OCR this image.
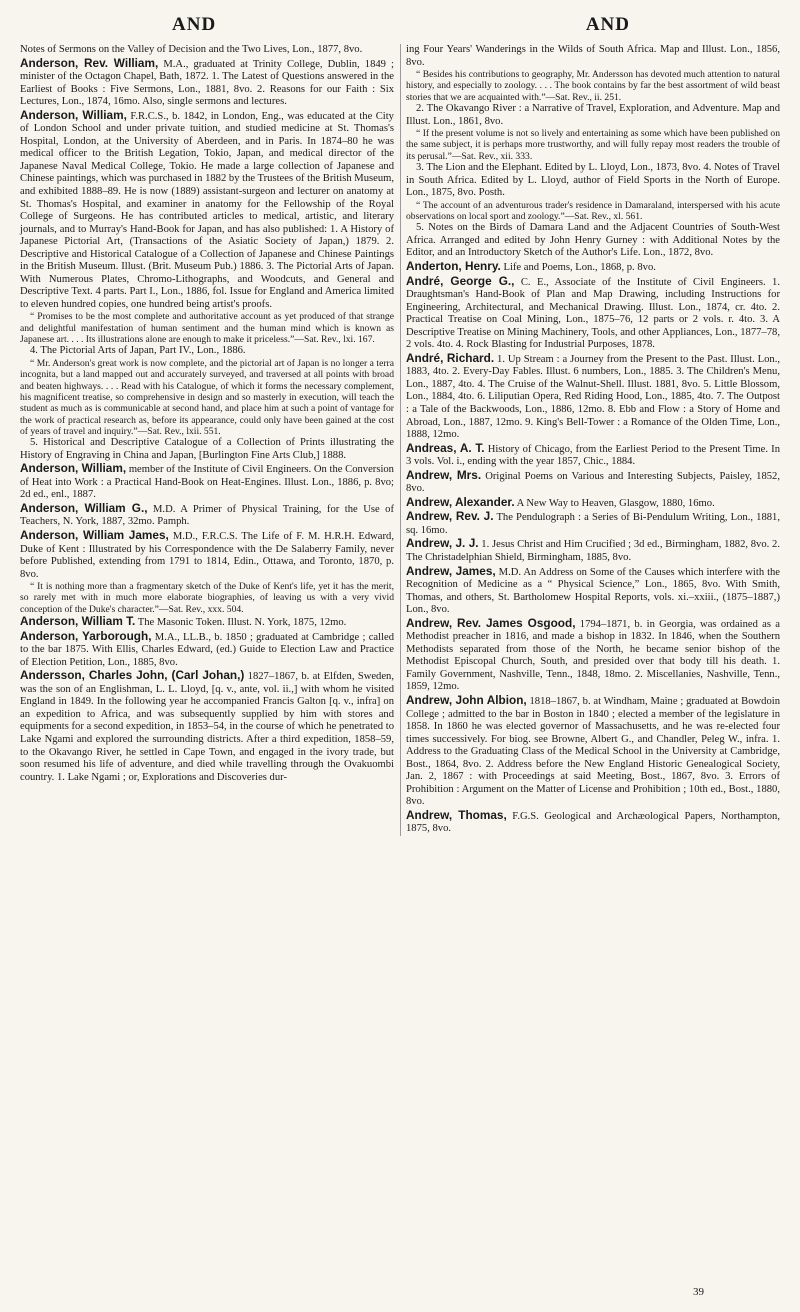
AND	AND

Notes of Sermons on the Valley of Decision and the Two Lives, Lon., 1877, 8vo.

Anderson, Rev. William, M.A., graduated at Trinity College, Dublin, 1849 ; minister of the Octagon Chapel, Bath, 1872. 1. The Latest of Questions answered in the Earliest of Books : Five Sermons, Lon., 1881, 8vo. 2. Reasons for our Faith : Six Lectures, Lon., 1874, 16mo. Also, single sermons and lectures.

Anderson, William, F.R.C.S., b. 1842, in London, Eng., was educated at the City of London School and under private tuition, and studied medicine at St. Thomas's Hospital, London, at the University of Aberdeen, and in Paris. In 1874–80 he was medical officer to the British Legation, Tokio, Japan, and medical director of the Japanese Naval Medical College, Tokio. He made a large collection of Japanese and Chinese paintings, which was purchased in 1882 by the Trustees of the British Museum, and exhibited 1888–89. He is now (1889) assistant-surgeon and lecturer on anatomy at St. Thomas's Hospital, and examiner in anatomy for the Fellowship of the Royal College of Surgeons. He has contributed articles to medical, artistic, and literary journals, and to Murray's Hand-Book for Japan, and has also published: 1. A History of Japanese Pictorial Art, (Transactions of the Asiatic Society of Japan,) 1879. 2. Descriptive and Historical Catalogue of a Collection of Japanese and Chinese Paintings in the British Museum. Illust. (Brit. Museum Pub.) 1886. 3. The Pictorial Arts of Japan. With Numerous Plates, Chromo-Lithographs, and Woodcuts, and General and Descriptive Text. 4 parts. Part I., Lon., 1886, fol. Issue for England and America limited to eleven hundred copies, one hundred being artist's proofs.

“ Promises to be the most complete and authoritative account as yet produced of that strange and delightful manifestation of human sentiment and the human mind which is known as Japanese art. . . . Its illustrations alone are enough to make it priceless.”—Sat. Rev., lxi. 167.

4. The Pictorial Arts of Japan, Part IV., Lon., 1886.

“ Mr. Anderson's great work is now complete, and the pictorial art of Japan is no longer a terra incognita, but a land mapped out and accurately surveyed, and traversed at all points with broad and beaten highways. . . . Read with his Catalogue, of which it forms the necessary complement, his magnificent treatise, so comprehensive in design and so masterly in execution, will teach the student as much as is communicable at second hand, and place him at such a point of vantage for the work of practical research as, before its appearance, could only have been gained at the cost of years of travel and inquiry.”—Sat. Rev., lxii. 551.

5. Historical and Descriptive Catalogue of a Collection of Prints illustrating the History of Engraving in China and Japan, [Burlington Fine Arts Club,] 1888.

Anderson, William, member of the Institute of Civil Engineers. On the Conversion of Heat into Work : a Practical Hand-Book on Heat-Engines. Illust. Lon., 1886, p. 8vo; 2d ed., enl., 1887.

Anderson, William G., M.D. A Primer of Physical Training, for the Use of Teachers, N. York, 1887, 32mo. Pamph.

Anderson, William James, M.D., F.R.C.S. The Life of F. M. H.R.H. Edward, Duke of Kent : Illustrated by his Correspondence with the De Salaberry Family, never before Published, extending from 1791 to 1814, Edin., Ottawa, and Toronto, 1870, p. 8vo.

“ It is nothing more than a fragmentary sketch of the Duke of Kent's life, yet it has the merit, so rarely met with in much more elaborate biographies, of leaving us with a very vivid conception of the Duke's character.”—Sat. Rev., xxx. 504.

Anderson, William T. The Masonic Token. Illust. N. York, 1875, 12mo.

Anderson, Yarborough, M.A., LL.B., b. 1850 ; graduated at Cambridge ; called to the bar 1875. With Ellis, Charles Edward, (ed.) Guide to Election Law and Practice of Election Petition, Lon., 1885, 8vo.

Andersson, Charles John, (Carl Johan,) 1827–1867, b. at Elfden, Sweden, was the son of an Englishman, L. L. Lloyd, [q. v., ante, vol. ii.,] with whom he visited England in 1849. In the following year he accompanied Francis Galton [q. v., infra] on an expedition to Africa, and was subsequently supplied by him with stores and equipments for a second expedition, in 1853–54, in the course of which he penetrated to Lake Ngami and explored the surrounding districts. After a third expedition, 1858–59, to the Okavango River, he settled in Cape Town, and engaged in the ivory trade, but soon resumed his life of adventure, and died while travelling through the Ovakuombi country. 1. Lake Ngami ; or, Explorations and Discoveries dur-

ing Four Years' Wanderings in the Wilds of South Africa. Map and Illust. Lon., 1856, 8vo.

“ Besides his contributions to geography, Mr. Andersson has devoted much attention to natural history, and especially to zoology. . . . The book contains by far the best assortment of wild beast stories that we are acquainted with.”—Sat. Rev., ii. 251.

2. The Okavango River : a Narrative of Travel, Exploration, and Adventure. Map and Illust. Lon., 1861, 8vo.

“ If the present volume is not so lively and entertaining as some which have been published on the same subject, it is perhaps more trustworthy, and will fully repay most readers the trouble of its perusal.”—Sat. Rev., xii. 333.

3. The Lion and the Elephant. Edited by L. Lloyd, Lon., 1873, 8vo. 4. Notes of Travel in South Africa. Edited by L. Lloyd, author of Field Sports in the North of Europe. Lon., 1875, 8vo. Posth.

“ The account of an adventurous trader's residence in Damaraland, interspersed with his acute observations on local sport and zoology.”—Sat. Rev., xl. 561.

5. Notes on the Birds of Damara Land and the Adjacent Countries of South-West Africa. Arranged and edited by John Henry Gurney : with Additional Notes by the Editor, and an Introductory Sketch of the Author's Life. Lon., 1872, 8vo.

Anderton, Henry. Life and Poems, Lon., 1868, p. 8vo.

André, George G., C. E., Associate of the Institute of Civil Engineers. 1. Draughtsman's Hand-Book of Plan and Map Drawing, including Instructions for Engineering, Architectural, and Mechanical Drawing. Illust. Lon., 1874, cr. 4to. 2. Practical Treatise on Coal Mining, Lon., 1875–76, 12 parts or 2 vols. r. 4to. 3. A Descriptive Treatise on Mining Machinery, Tools, and other Appliances, Lon., 1877–78, 2 vols. 4to. 4. Rock Blasting for Industrial Purposes, 1878.

André, Richard. 1. Up Stream : a Journey from the Present to the Past. Illust. Lon., 1883, 4to. 2. Every-Day Fables. Illust. 6 numbers, Lon., 1885. 3. The Children's Menu, Lon., 1887, 4to. 4. The Cruise of the Walnut-Shell. Illust. 1881, 8vo. 5. Little Blossom, Lon., 1884, 4to. 6. Liliputian Opera, Red Riding Hood, Lon., 1885, 4to. 7. The Outpost : a Tale of the Backwoods, Lon., 1886, 12mo. 8. Ebb and Flow : a Story of Home and Abroad, Lon., 1887, 12mo. 9. King's Bell-Tower : a Romance of the Olden Time, Lon., 1888, 12mo.

Andreas, A. T. History of Chicago, from the Earliest Period to the Present Time. In 3 vols. Vol. i., ending with the year 1857, Chic., 1884.

Andrew, Mrs. Original Poems on Various and Interesting Subjects, Paisley, 1852, 8vo.

Andrew, Alexander. A New Way to Heaven, Glasgow, 1880, 16mo.

Andrew, Rev. J. The Pendulograph : a Series of Bi-Pendulum Writing, Lon., 1881, sq. 16mo.

Andrew, J. J. 1. Jesus Christ and Him Crucified ; 3d ed., Birmingham, 1882, 8vo. 2. The Christadelphian Shield, Birmingham, 1885, 8vo.

Andrew, James, M.D. An Address on Some of the Causes which interfere with the Recognition of Medicine as a “ Physical Science,” Lon., 1865, 8vo. With Smith, Thomas, and others, St. Bartholomew Hospital Reports, vols. xi.–xxiii., (1875–1887,) Lon., 8vo.

Andrew, Rev. James Osgood, 1794–1871, b. in Georgia, was ordained as a Methodist preacher in 1816, and made a bishop in 1832. In 1846, when the Southern Methodists separated from those of the North, he became senior bishop of the Methodist Episcopal Church, South, and presided over that body till his death. 1. Family Government, Nashville, Tenn., 1848, 18mo. 2. Miscellanies, Nashville, Tenn., 1859, 12mo.

Andrew, John Albion, 1818–1867, b. at Windham, Maine ; graduated at Bowdoin College ; admitted to the bar in Boston in 1840 ; elected a member of the legislature in 1858. In 1860 he was elected governor of Massachusetts, and he was re-elected four times successively. For biog. see Browne, Albert G., and Chandler, Peleg W., infra. 1. Address to the Graduating Class of the Medical School in the University at Cambridge, Bost., 1864, 8vo. 2. Address before the New England Historic Genealogical Society, Jan. 2, 1867 : with Proceedings at said Meeting, Bost., 1867, 8vo. 3. Errors of Prohibition : Argument on the Matter of License and Prohibition ; 10th ed., Bost., 1880, 8vo.

Andrew, Thomas, F.G.S. Geological and Archæological Papers, Northampton, 1875, 8vo.

39
